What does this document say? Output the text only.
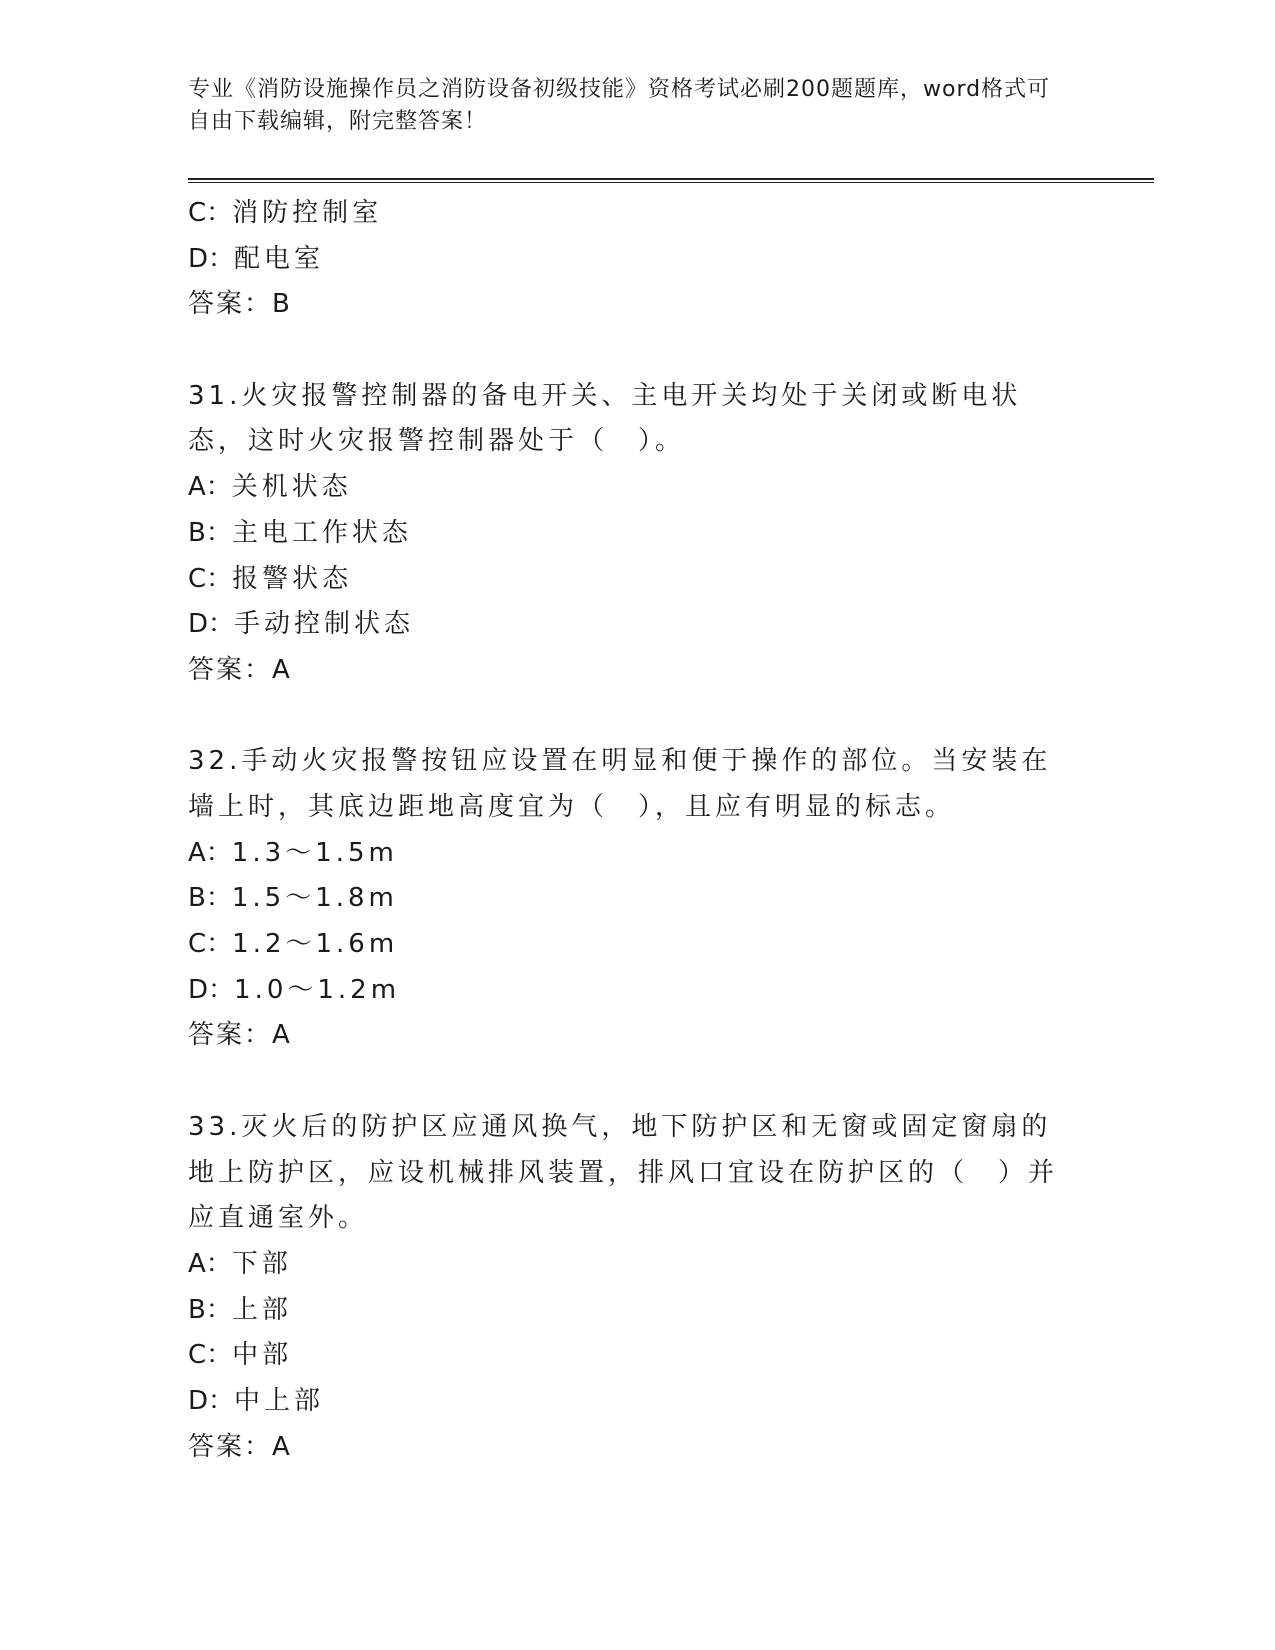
专业《消防设施操作员之消防设备初级技能》资格考试必刷200题题库，word格式可自由下载编辑，附完整答案！
C：消防控制室
D：配电室
答案：B
31.火灾报警控制器的备电开关、主电开关均处于关闭或断电状态，这时火灾报警控制器处于（　）。
A：关机状态
B：主电工作状态
C：报警状态
D：手动控制状态
答案：A
32.手动火灾报警按钮应设置在明显和便于操作的部位。当安装在墙上时，其底边距地高度宜为（　），且应有明显的标志。
A：1.3～1.5m
B：1.5～1.8m
C：1.2～1.6m
D：1.0～1.2m
答案：A
33.灭火后的防护区应通风换气，地下防护区和无窗或固定窗扇的地上防护区，应设机械排风装置，排风口宜设在防护区的（　）并应直通室外。
A：下部
B：上部
C：中部
D：中上部
答案：A
